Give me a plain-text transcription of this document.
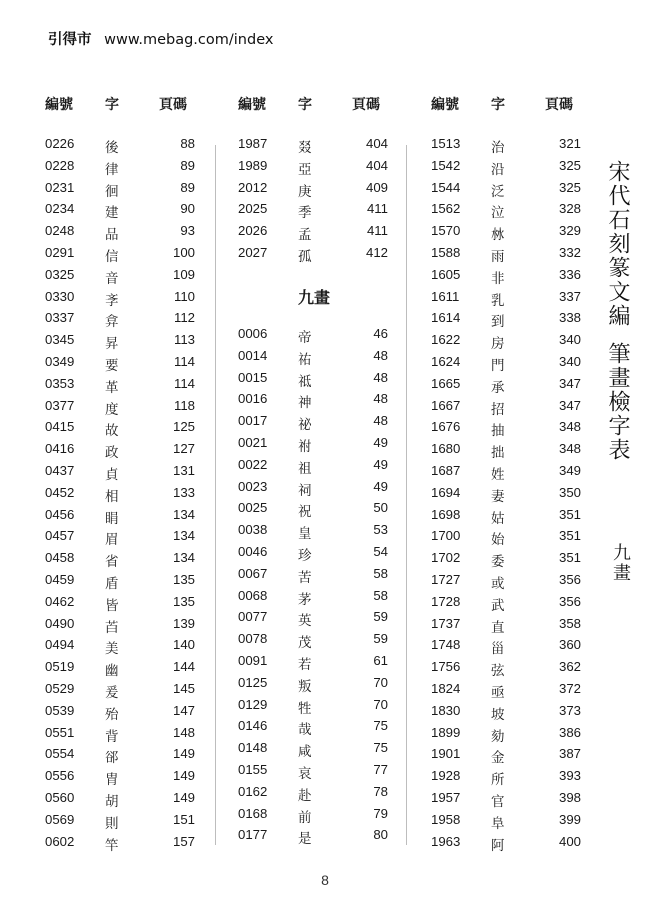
引得市 www.mebag.com/index
編號 字	頁碼
0226 後	88
0228 律	89
0231 徊	89
0234 建	90
0248 品	93
0291 信	100
0325 音	109
0330 斈	110
0337 弇	112
0345 昇	113
0349 要	114
0353 革	114
0377 度	118
0415 故	125
0416 政	127
0437 貞	131
0452 相	133
0456 睊	134
0457 眉	134
0458 省	134
0459 盾	135
0462 皆	135
0490 苩	139
0494 美	140
0519 幽	144
0529 爰	145
0539 殆	147
0551 背	148
0554 郤	149
0556 胄	149
0560 胡	149
0569 則	151
0602 竿	157
編號 字	頁碼
1987 叕	404
1989 亞	404
2012 庚	409
2025 季	411
2026 孟	411
2027 孤	412
九畫
0006 帝	46
0014 祐	48
0015 祗	48
0016 神	48
0017 祕	48
0021 祔	49
0022 祖	49
0023 祠	49
0025 祝	50
0038 皇	53
0046 珍	54
0067 苦	58
0068 茅	58
0077 英	59
0078 茂	59
0091 若	61
0125 叛	70
0129 牲	70
0146 哉	75
0148 咸	75
0155 哀	77
0162 赴	78
0168 前	79
0177 是	80
編號 字	頁碼
1513 治	321
1542 沿	325
1544 泛	325
1562 泣	328
1570 沝	329
1588 雨	332
1605 非	336
1611 乳	337
1614 到	338
1622 房	340
1624 門	340
1665 承	347
1667 招	347
1676 抽	348
1680 拙	348
1687 姓	349
1694 妻	350
1698 姑	351
1700 始	351
1702 委	351
1727 或	356
1728 武	356
1737 直	358
1748 甾	360
1756 弦	362
1824 亟	372
1830 坡	373
1899 劾	386
1901 金	387
1928 所	393
1957 官	398
1958 阜	399
1963 阿	400
宋代石刻篆文編筆畫檢字表
九畫
8
